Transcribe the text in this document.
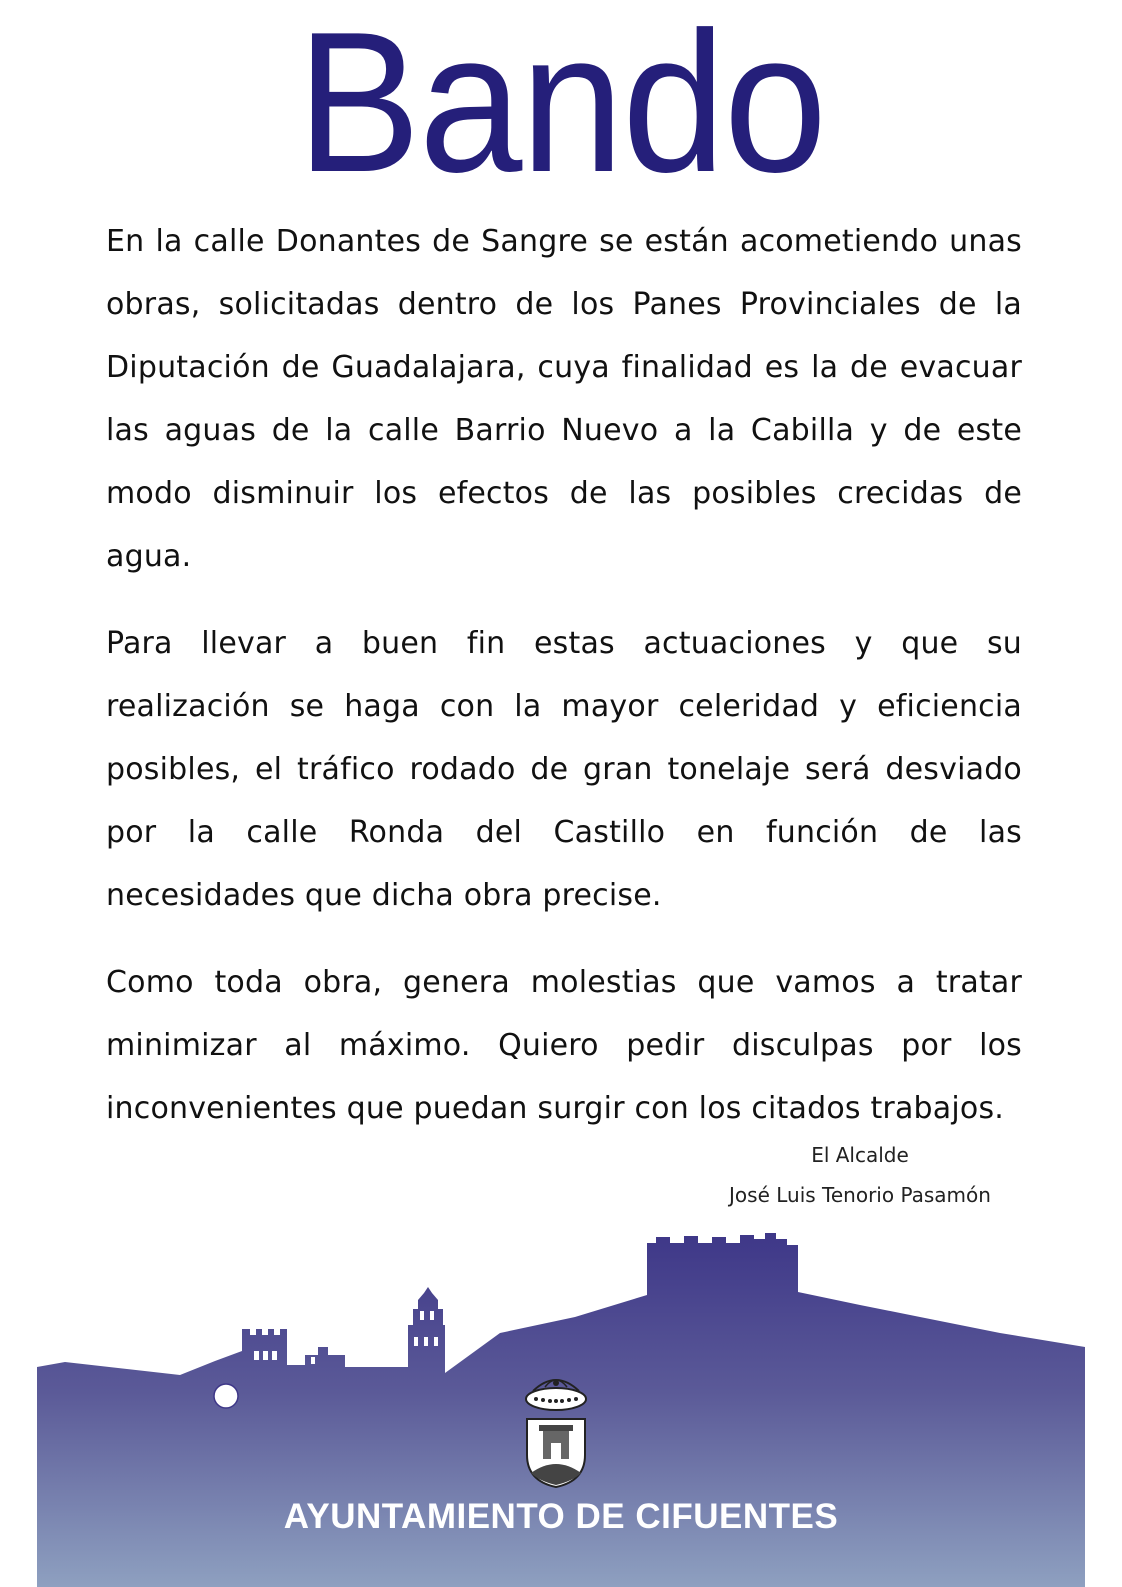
Bando

En la calle Donantes de Sangre se están acometiendo unas obras, solicitadas dentro de los Panes Provinciales de la Diputación de Guadalajara, cuya finalidad es la de evacuar las aguas de la calle Barrio Nuevo a la Cabilla y de este modo disminuir los efectos de las posibles crecidas de agua.

Para llevar a buen fin estas actuaciones y que su realización se haga con la mayor celeridad y eficiencia posibles, el tráfico rodado de gran tonelaje será desviado por la calle Ronda del Castillo en función de las necesidades que dicha obra precise.

Como toda obra, genera molestias que vamos a tratar minimizar al máximo. Quiero pedir disculpas por los inconvenientes que puedan surgir con los citados trabajos.

El Alcalde
José Luis Tenorio Pasamón
AYUNTAMIENTO DE CIFUENTES
